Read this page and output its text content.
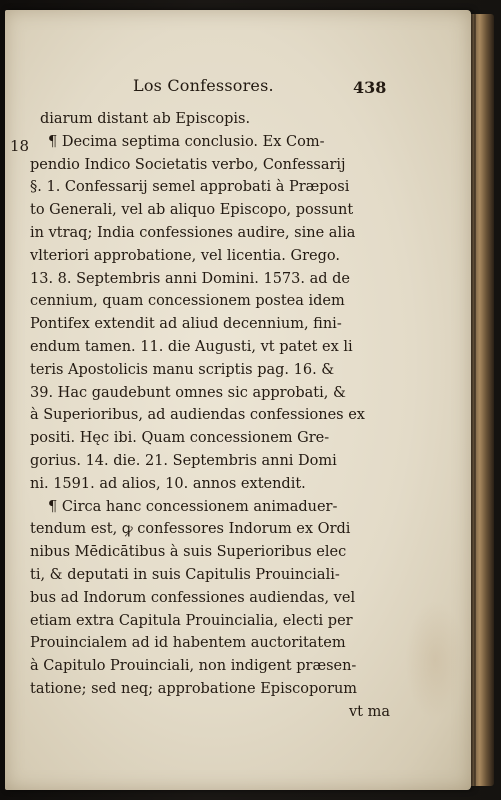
Los Confessores.	438
18
diarum distant ab Episcopis.
¶ Decima septima conclusio. Ex Com-
pendio Indico Societatis verbo, Confessarij
§. 1. Confessarij semel approbati à Præposi
to Generali, vel ab aliquo Episcopo, possunt
in vtraq; India confessiones audire, sine alia
vlteriori approbatione, vel licentia. Grego.
13. 8. Septembris anni Domini. 1573. ad de
cennium, quam concessionem postea idem
Pontifex extendit ad aliud decennium, fini-
endum tamen. 11. die Augusti, vt patet ex li
teris Apostolicis manu scriptis pag. 16. &
39. Hac gaudebunt omnes sic approbati, &
à Superioribus, ad audiendas confessiones ex
positi. Hęc ibi. Quam concessionem Gre-
gorius. 14. die. 21. Septembris anni Domi
ni. 1591. ad alios, 10. annos extendit.
¶ Circa hanc concessionem animaduer-
tendum est, ꝙ confessores Indorum ex Ordi
nibus Mēdicātibus à suis Superioribus elec
ti, & deputati in suis Capitulis Prouinciali-
bus ad Indorum confessiones audiendas, vel
etiam extra Capitula Prouincialia, electi per
Prouincialem ad id habentem auctoritatem
à Capitulo Prouinciali, non indigent præsen-
tatione; sed neq; approbatione Episcoporum
vt ma
